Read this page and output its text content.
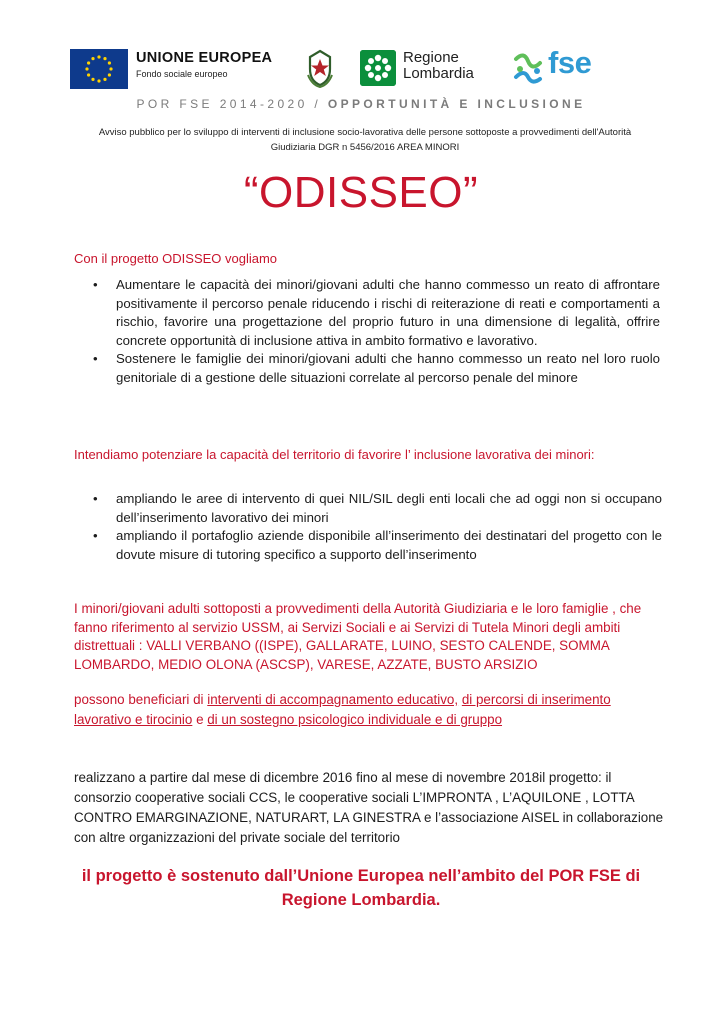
UNIONE EUROPEA
Fondo sociale europeo
Regione
Lombardia fse
POR FSE 2014-2020 / OPPORTUNITÀ E INCLUSIONE
Avviso pubblico per lo sviluppo di interventi di inclusione socio-lavorativa delle persone sottoposte a provvedimenti dell'Autorità
Giudiziaria DGR n 5456/2016 AREA MINORI
“ODISSEO”
Con il progetto ODISSEO vogliamo
• Aumentare le capacità dei minori/giovani adulti che hanno commesso un reato di affrontare positivamente il percorso penale riducendo i rischi di reiterazione di reati e comportamenti a rischio, favorire una progettazione del proprio futuro in una dimensione di legalità, offrire concrete opportunità di inclusione attiva in ambito formativo e lavorativo.
• Sostenere le famiglie dei minori/giovani adulti che hanno commesso un reato nel loro ruolo genitoriale di a gestione delle situazioni correlate al percorso penale del minore
Intendiamo potenziare la capacità del territorio di favorire l’ inclusione lavorativa dei minori:
• ampliando le aree di intervento di quei NIL/SIL degli enti locali che ad oggi non si occupano dell’inserimento lavorativo dei minori
• ampliando il portafoglio aziende disponibile all’inserimento dei destinatari del progetto con le dovute misure di tutoring specifico a supporto dell’inserimento
I minori/giovani adulti sottoposti a provvedimenti della Autorità Giudiziaria e le loro famiglie , che fanno riferimento al servizio USSM, ai Servizi Sociali e ai Servizi di Tutela Minori degli ambiti distrettuali : VALLI VERBANO ((ISPE), GALLARATE, LUINO, SESTO CALENDE, SOMMA LOMBARDO, MEDIO OLONA (ASCSP), VARESE, AZZATE, BUSTO ARSIZIO
possono beneficiari di interventi di accompagnamento educativo, di percorsi di inserimento lavorativo e tirocinio e di un sostegno psicologico individuale e di gruppo
realizzano a partire dal mese di dicembre 2016 fino al mese di novembre 2018il progetto: il consorzio cooperative sociali CCS, le cooperative sociali L’IMPRONTA , L’AQUILONE , LOTTA CONTRO EMARGINAZIONE, NATURART, LA GINESTRA e l’associazione AISEL in collaborazione con altre organizzazioni del private sociale del territorio
il progetto è sostenuto dall’Unione Europea nell’ambito del POR FSE di
Regione Lombardia.
